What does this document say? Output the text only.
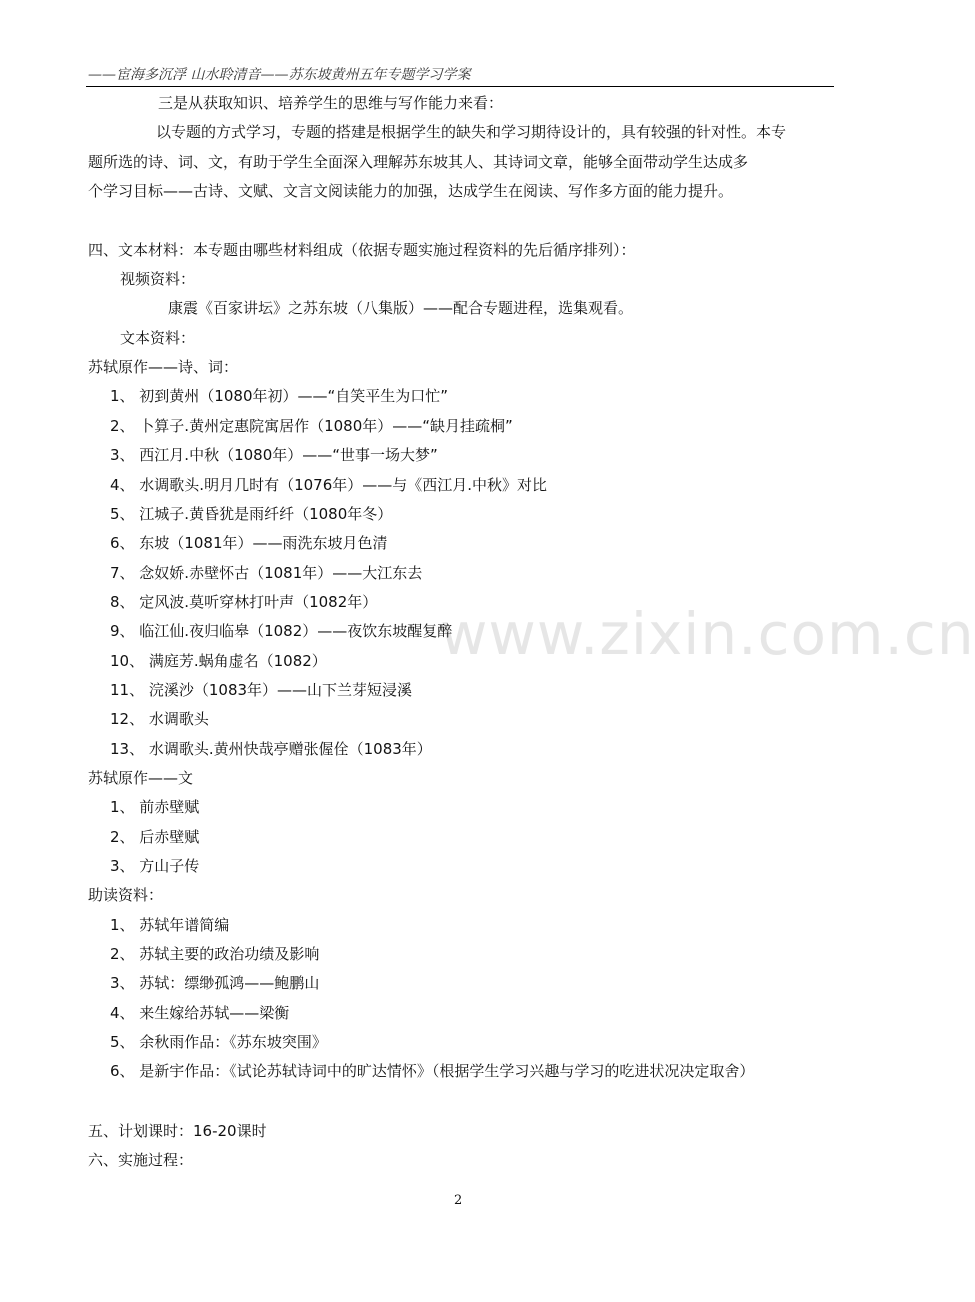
——宦海多沉浮 山水聆清音——苏东坡黄州五年专题学习学案
www.zixin.com.cn
三是从获取知识、培养学生的思维与写作能力来看：
以专题的方式学习，专题的搭建是根据学生的缺失和学习期待设计的，具有较强的针对性。本专
题所选的诗、词、文，有助于学生全面深入理解苏东坡其人、其诗词文章，能够全面带动学生达成多
个学习目标——古诗、文赋、文言文阅读能力的加强，达成学生在阅读、写作多方面的能力提升。
四、文本材料：本专题由哪些材料组成（依据专题实施过程资料的先后循序排列）：
视频资料：
康震《百家讲坛》之苏东坡（八集版）——配合专题进程，选集观看。
文本资料：
苏轼原作——诗、词：
1、 初到黄州（1080年初）——“自笑平生为口忙”
2、 卜算子.黄州定惠院寓居作（1080年）——“缺月挂疏桐”
3、 西江月.中秋（1080年）——“世事一场大梦”
4、 水调歌头.明月几时有（1076年）——与《西江月.中秋》对比
5、 江城子.黄昏犹是雨纤纤（1080年冬）
6、 东坡（1081年）——雨洗东坡月色清
7、 念奴娇.赤壁怀古（1081年）——大江东去
8、 定风波.莫听穿林打叶声（1082年）
9、 临江仙.夜归临皋（1082）——夜饮东坡醒复醉
10、 满庭芳.蜗角虚名（1082）
11、 浣溪沙（1083年）——山下兰芽短浸溪
12、 水调歌头
13、 水调歌头.黄州快哉亭赠张偓佺（1083年）
苏轼原作——文
1、 前赤壁赋
2、 后赤壁赋
3、 方山子传
助读资料：
1、 苏轼年谱简编
2、 苏轼主要的政治功绩及影响
3、 苏轼：缥缈孤鸿——鲍鹏山
4、 来生嫁给苏轼——梁衡
5、 余秋雨作品：《苏东坡突围》
6、 是新宇作品：《试论苏轼诗词中的旷达情怀》（根据学生学习兴趣与学习的吃进状况决定取舍）
五、计划课时：16-20课时
六、实施过程：
2
